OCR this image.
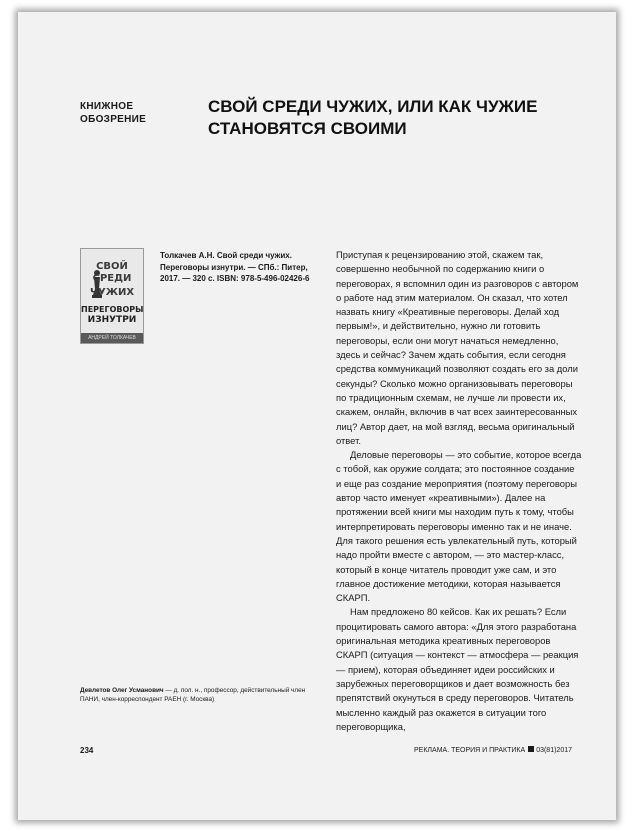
КНИЖНОЕ
ОБОЗРЕНИЕ
СВОЙ СРЕДИ ЧУЖИХ, ИЛИ КАК ЧУЖИЕ СТАНОВЯТСЯ СВОИМИ
СВОЙ
СРЕДИ
ЧУЖИХ
ПЕРЕГОВОРЫ
ИЗНУТРИ
АНДРЕЙ ТОЛКАЧЕВ
Толкачев А.Н. Свой среди чужих. Переговоры изнутри. — СПб.: Питер, 2017. — 320 с. ISBN: 978-5-496-02426-6

Приступая к рецензированию этой, скажем так, совершенно необычной по содержанию книги о переговорах, я вспомнил один из разговоров с автором о работе над этим материалом. Он сказал, что хотел назвать книгу «Креативные переговоры. Делай ход первым!», и действительно, нужно ли готовить переговоры, если они могут начаться немедленно, здесь и сейчас? Зачем ждать события, если сегодня средства коммуникаций позволяют создать его за доли секунды? Сколько можно организовывать переговоры по традиционным схемам, не лучше ли провести их, скажем, онлайн, включив в чат всех заинтересованных лиц? Автор дает, на мой взгляд, весьма оригинальный ответ.

Деловые переговоры — это событие, которое всегда с тобой, как оружие солдата; это постоянное создание и еще раз создание мероприятия (поэтому переговоры автор часто именует «креативными»). Далее на протяжении всей книги мы находим путь к тому, чтобы интерпретировать переговоры именно так и не иначе. Для такого решения есть увлекательный путь, который надо пройти вместе с автором, — это мастер-класс, который в конце читатель проводит уже сам, и это главное достижение методики, которая называется СКАРП.

Нам предложено 80 кейсов. Как их решать? Если процитировать самого автора: «Для этого разработана оригинальная методика креативных переговоров СКАРП (ситуация — контекст — атмосфера — реакция — прием), которая объединяет идеи российских и зарубежных переговорщиков и дает возможность без препятствий окунуться в среду переговоров. Читатель мысленно каждый раз окажется в ситуации того переговорщика,

Девлетов Олег Усманович — д. пол. н., профессор, действительный член ПАНИ, член-корреспондент РАЕН (г. Москва)
234	РЕКЛАМА. ТЕОРИЯ И ПРАКТИКА 03(81)2017
